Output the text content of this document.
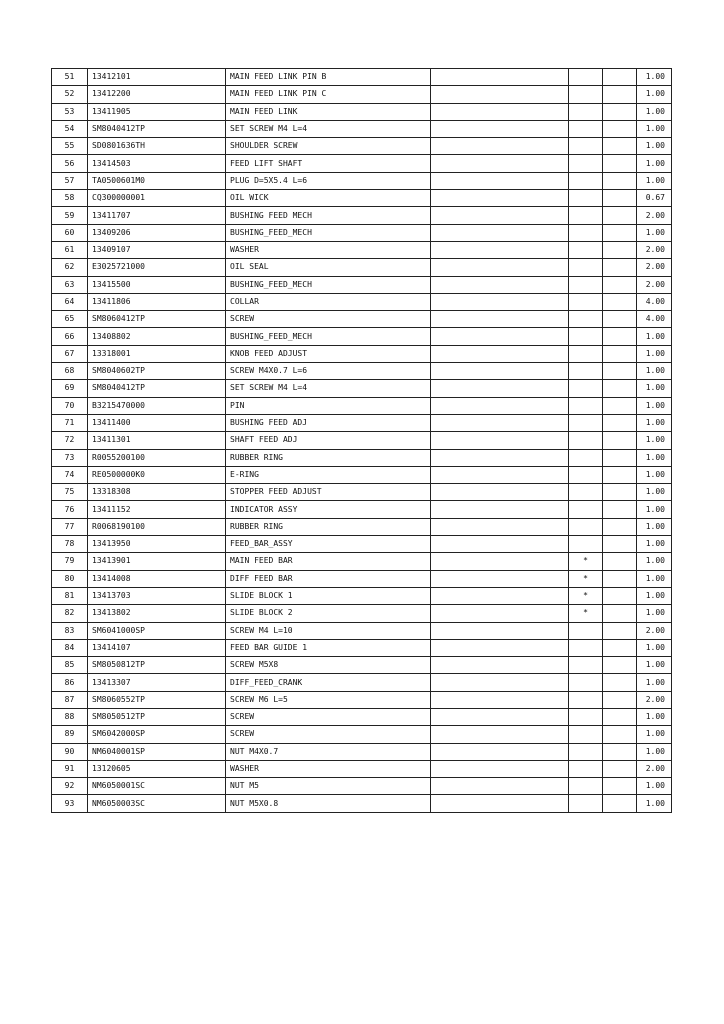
51	13412101	MAIN FEED LINK PIN B				1.00
52	13412200	MAIN FEED LINK PIN C				1.00
53	13411905	MAIN FEED LINK				1.00
54	SM8040412TP	SET SCREW M4 L=4				1.00
55	SD0801636TH	SHOULDER SCREW				1.00
56	13414503	FEED LIFT SHAFT				1.00
57	TA0500601M0	PLUG D=5X5.4 L=6				1.00
58	CQ300000001	OIL WICK				0.67
59	13411707	BUSHING FEED MECH				2.00
60	13409206	BUSHING_FEED_MECH				1.00
61	13409107	WASHER				2.00
62	E3025721000	OIL SEAL				2.00
63	13415500	BUSHING_FEED_MECH				2.00
64	13411806	COLLAR				4.00
65	SM8060412TP	SCREW				4.00
66	13408802	BUSHING_FEED_MECH				1.00
67	13318001	KNOB FEED ADJUST				1.00
68	SM8040602TP	SCREW M4X0.7 L=6				1.00
69	SM8040412TP	SET SCREW M4 L=4				1.00
70	B3215470000	PIN				1.00
71	13411400	BUSHING FEED ADJ				1.00
72	13411301	SHAFT FEED ADJ				1.00
73	R0055200100	RUBBER RING				1.00
74	RE0500000K0	E-RING				1.00
75	13318308	STOPPER FEED ADJUST				1.00
76	13411152	INDICATOR ASSY				1.00
77	R0068190100	RUBBER RING				1.00
78	13413950	FEED_BAR_ASSY				1.00
79	13413901	MAIN FEED BAR		*		1.00
80	13414008	DIFF FEED BAR		*		1.00
81	13413703	SLIDE BLOCK 1		*		1.00
82	13413802	SLIDE BLOCK 2		*		1.00
83	SM6041000SP	SCREW M4 L=10				2.00
84	13414107	FEED BAR GUIDE 1				1.00
85	SM8050812TP	SCREW M5X8				1.00
86	13413307	DIFF_FEED_CRANK				1.00
87	SM8060552TP	SCREW M6 L=5				2.00
88	SM8050512TP	SCREW				1.00
89	SM6042000SP	SCREW				1.00
90	NM6040001SP	NUT M4X0.7				1.00
91	13120605	WASHER				2.00
92	NM6050001SC	NUT M5				1.00
93	NM6050003SC	NUT M5X0.8				1.00
